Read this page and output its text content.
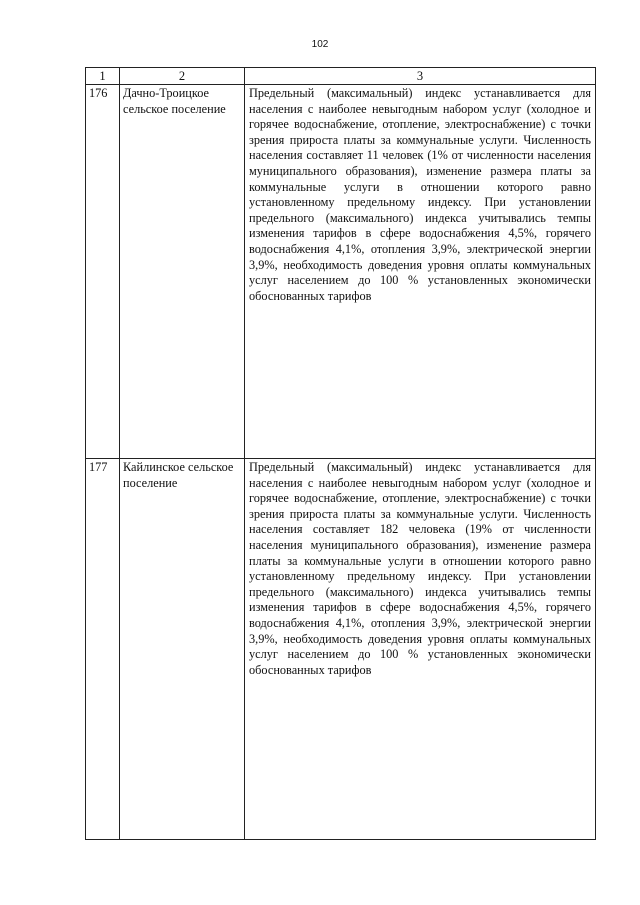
102
1	2	3
176	Дачно-Троицкое сельское поселение	Предельный (максимальный) индекс устанавливается для населения с наиболее невыгодным набором услуг (холодное и горячее водоснабжение, отопление, электроснабжение) с точки зрения прироста платы за коммунальные услуги. Численность населения составляет 11 человек (1% от численности населения муниципального образования), изменение размера платы за коммунальные услуги в отношении которого равно установленному предельному индексу. При установлении предельного (максимального) индекса учитывались темпы изменения тарифов в сфере водоснабжения 4,5%, горячего водоснабжения 4,1%, отопления 3,9%, электрической энергии 3,9%, необходимость доведения уровня оплаты коммунальных услуг населением до 100 % установленных экономически обоснованных тарифов
177	Кайлинское сельское поселение	Предельный (максимальный) индекс устанавливается для населения с наиболее невыгодным набором услуг (холодное и горячее водоснабжение, отопление, электроснабжение) с точки зрения прироста платы за коммунальные услуги. Численность населения составляет 182 человека (19% от численности населения муниципального образования), изменение размера платы за коммунальные услуги в отношении которого равно установленному предельному индексу. При установлении предельного (максимального) индекса учитывались темпы изменения тарифов в сфере водоснабжения 4,5%, горячего водоснабжения 4,1%, отопления 3,9%, электрической энергии 3,9%, необходимость доведения уровня оплаты коммунальных услуг населением до 100 % установленных экономически обоснованных тарифов
